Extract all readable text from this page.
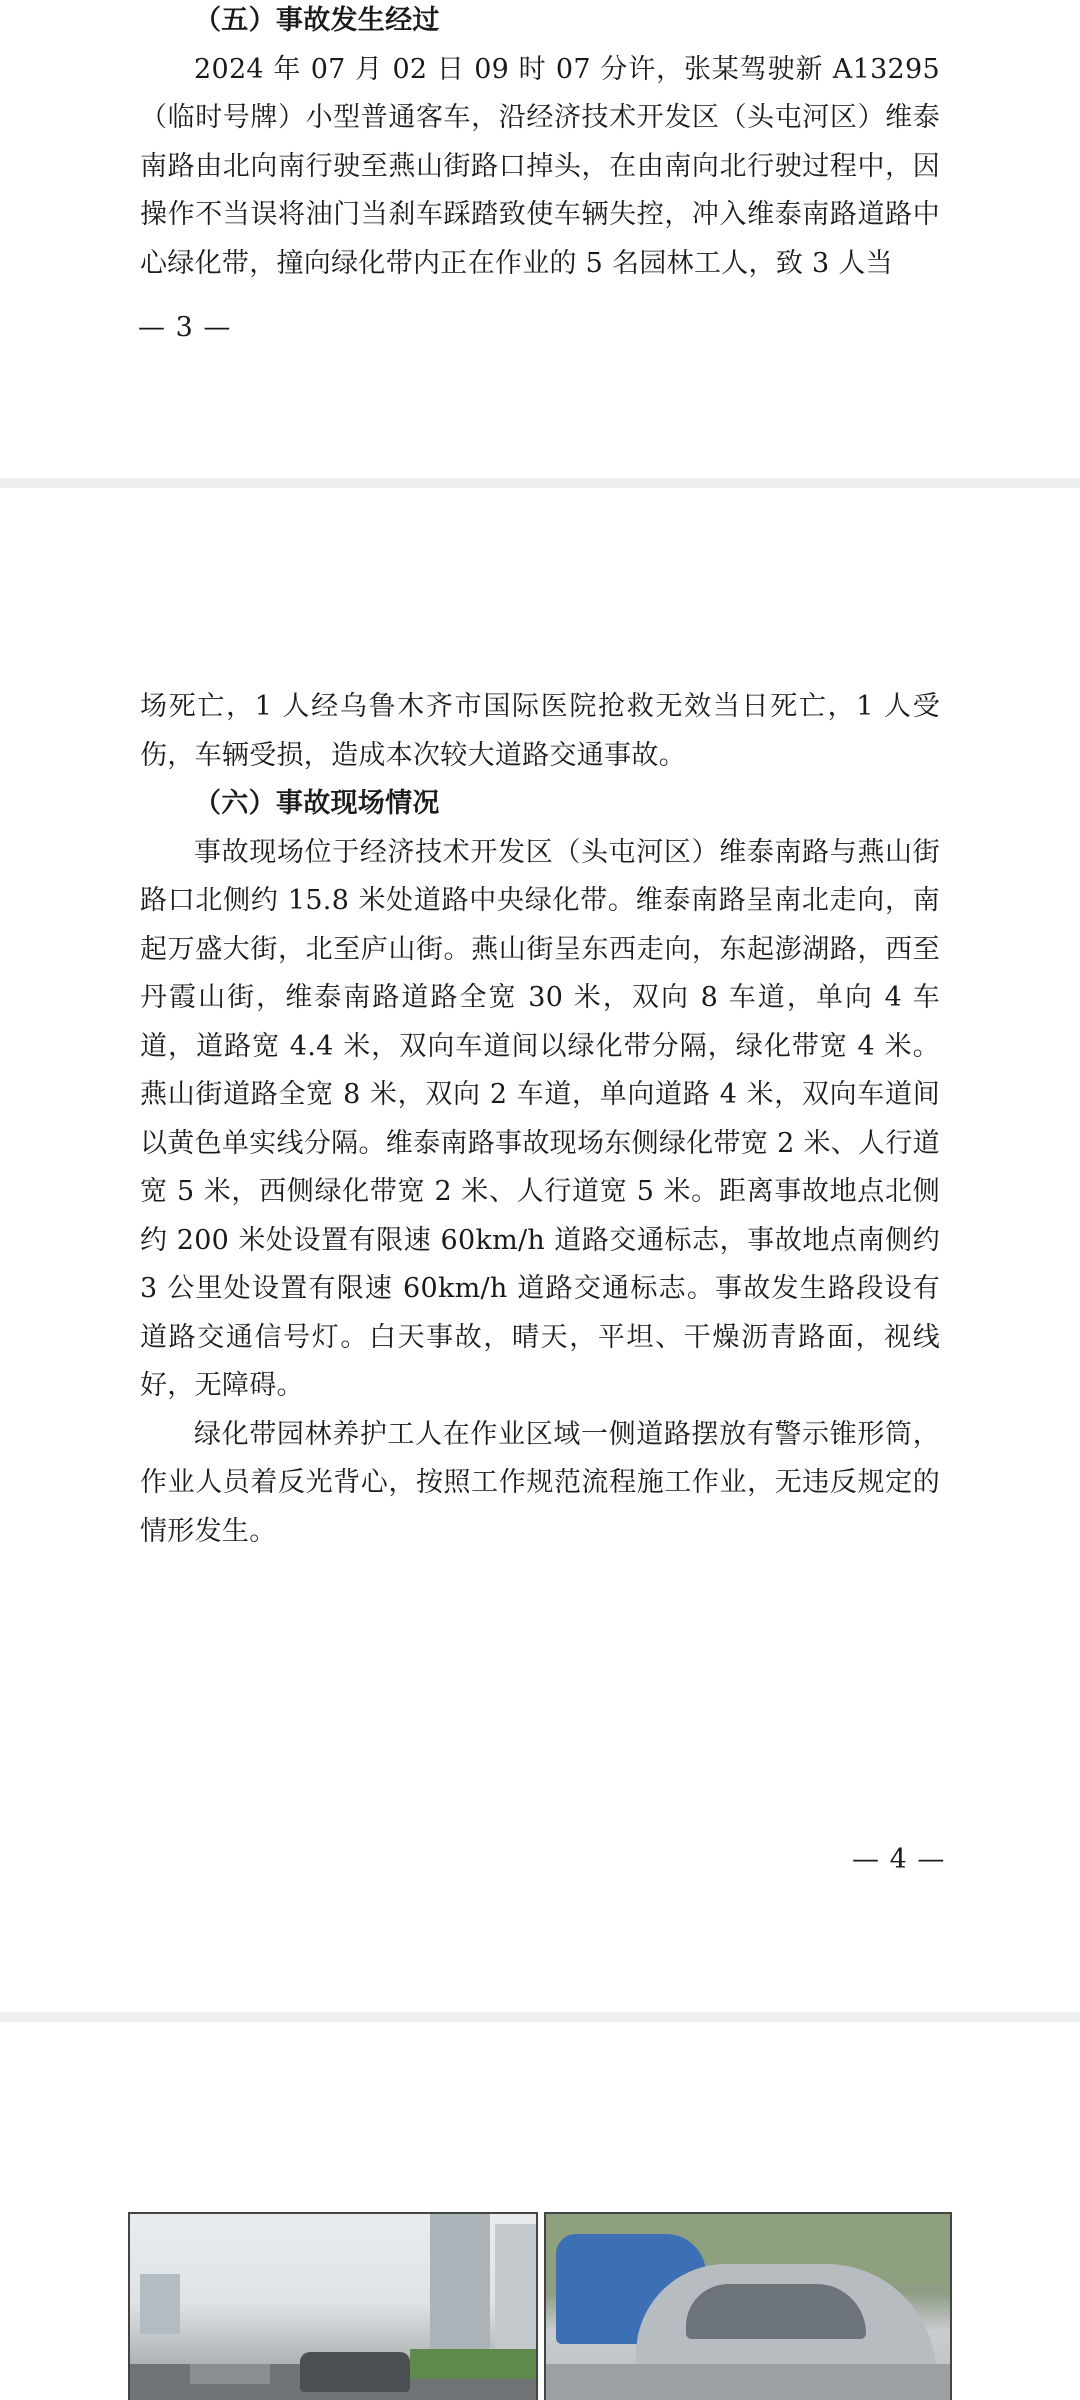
（五）事故发生经过
2024 年 07 月 02 日 09 时 07 分许，张某驾驶新 A13295（临时号牌）小型普通客车，沿经济技术开发区（头屯河区）维泰南路由北向南行驶至燕山街路口掉头，在由南向北行驶过程中，因操作不当误将油门当刹车踩踏致使车辆失控，冲入维泰南路道路中心绿化带，撞向绿化带内正在作业的 5 名园林工人，致 3 人当
— 3 —
场死亡，1 人经乌鲁木齐市国际医院抢救无效当日死亡，1 人受伤，车辆受损，造成本次较大道路交通事故。
（六）事故现场情况
事故现场位于经济技术开发区（头屯河区）维泰南路与燕山街路口北侧约 15.8 米处道路中央绿化带。维泰南路呈南北走向，南起万盛大街，北至庐山街。燕山街呈东西走向，东起澎湖路，西至丹霞山街，维泰南路道路全宽 30 米，双向 8 车道，单向 4 车道，道路宽 4.4 米，双向车道间以绿化带分隔，绿化带宽 4 米。燕山街道路全宽 8 米，双向 2 车道，单向道路 4 米，双向车道间以黄色单实线分隔。维泰南路事故现场东侧绿化带宽 2 米、人行道宽 5 米，西侧绿化带宽 2 米、人行道宽 5 米。距离事故地点北侧约 200 米处设置有限速 60km/h 道路交通标志，事故地点南侧约 3 公里处设置有限速 60km/h 道路交通标志。事故发生路段设有道路交通信号灯。白天事故，晴天，平坦、干燥沥青路面，视线好，无障碍。
绿化带园林养护工人在作业区域一侧道路摆放有警示锥形筒，作业人员着反光背心，按照工作规范流程施工作业，无违反规定的情形发生。
— 4 —
